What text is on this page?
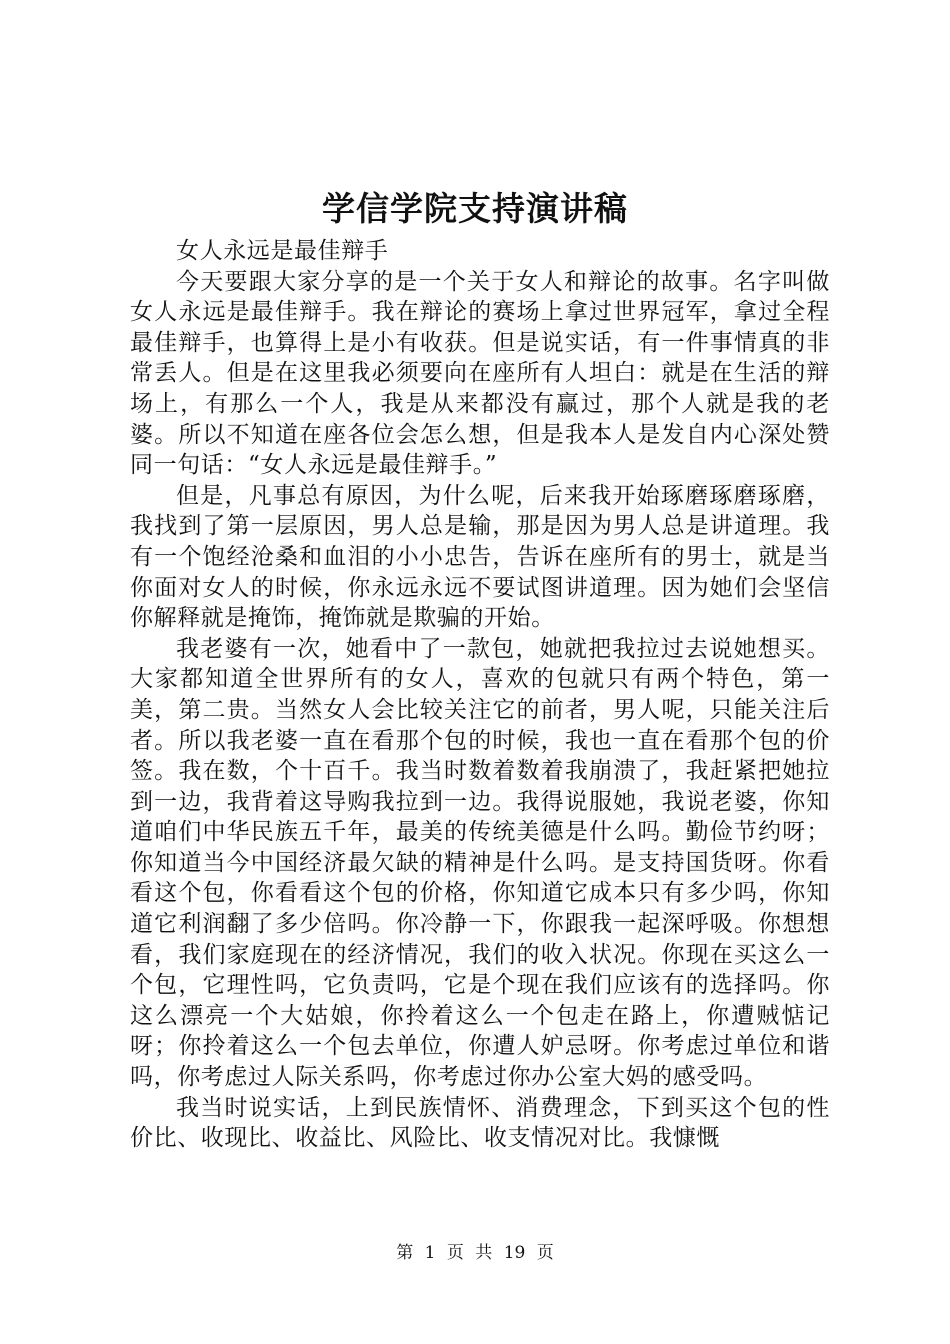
学信学院支持演讲稿

女人永远是最佳辩手

今天要跟大家分享的是一个关于女人和辩论的故事。名字叫做女人永远是最佳辩手。我在辩论的赛场上拿过世界冠军，拿过全程最佳辩手，也算得上是小有收获。但是说实话，有一件事情真的非常丢人。但是在这里我必须要向在座所有人坦白：就是在生活的辩场上，有那么一个人，我是从来都没有赢过，那个人就是我的老婆。所以不知道在座各位会怎么想，但是我本人是发自内心深处赞同一句话：“女人永远是最佳辩手。”

但是，凡事总有原因，为什么呢，后来我开始琢磨琢磨琢磨，我找到了第一层原因，男人总是输，那是因为男人总是讲道理。我有一个饱经沧桑和血泪的小小忠告，告诉在座所有的男士，就是当你面对女人的时候，你永远永远不要试图讲道理。因为她们会坚信你解释就是掩饰，掩饰就是欺骗的开始。

我老婆有一次，她看中了一款包，她就把我拉过去说她想买。大家都知道全世界所有的女人，喜欢的包就只有两个特色，第一美，第二贵。当然女人会比较关注它的前者，男人呢，只能关注后者。所以我老婆一直在看那个包的时候，我也一直在看那个包的价签。我在数，个十百千。我当时数着数着我崩溃了，我赶紧把她拉到一边，我背着这导购我拉到一边。我得说服她，我说老婆，你知道咱们中华民族五千年，最美的传统美德是什么吗。勤俭节约呀；你知道当今中国经济最欠缺的精神是什么吗。是支持国货呀。你看看这个包，你看看这个包的价格，你知道它成本只有多少吗，你知道它利润翻了多少倍吗。你冷静一下，你跟我一起深呼吸。你想想看，我们家庭现在的经济情况，我们的收入状况。你现在买这么一个包，它理性吗，它负责吗，它是个现在我们应该有的选择吗。你这么漂亮一个大姑娘，你拎着这么一个包走在路上，你遭贼惦记呀；你拎着这么一个包去单位，你遭人妒忌呀。你考虑过单位和谐吗，你考虑过人际关系吗，你考虑过你办公室大妈的感受吗。

我当时说实话，上到民族情怀、消费理念，下到买这个包的性价比、收现比、收益比、风险比、收支情况对比。我慷慨

第 1 页 共 19 页
